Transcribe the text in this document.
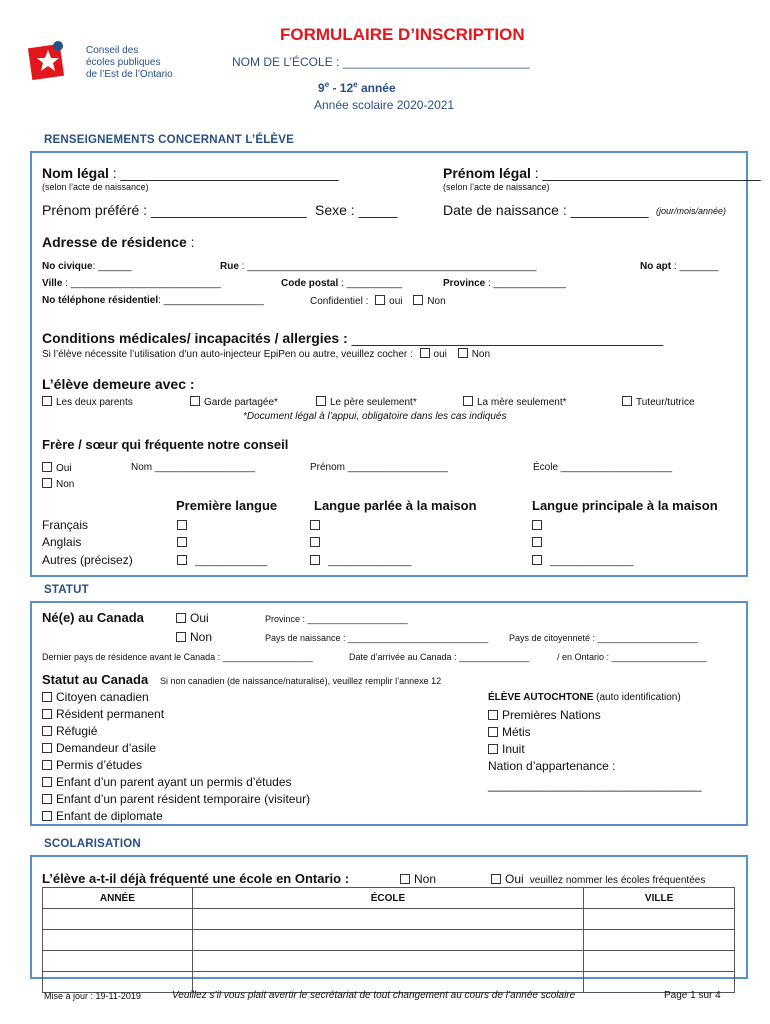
Conseil des
écoles publiques
de l’Est de l’Ontario
FORMULAIRE D’INSCRIPTION
NOM DE L’ÉCOLE : ____________________________
9e - 12e année
Année scolaire 2020-2021
RENSEIGNEMENTS CONCERNANT L’ÉLÈVE
Nom légal : ____________________________
(selon l’acte de naissance)
Prénom légal : ____________________________
(selon l’acte de naissance)
Prénom préféré : ____________________ Sexe : _____	Date de naissance : __________ (jour/mois/année)
Adresse de résidence :
No civique: ______	Rue : ____________________________________________________	No apt : _______
Ville : ___________________________	Code postal : __________	Province : _____________
No téléphone résidentiel: __________________	Confidentiel : oui Non
Conditions médicales/ incapacités / allergies : ________________________________________
Si l’élève nécessite l’utilisation d’un auto-injecteur EpiPen ou autre, veuillez cocher : oui Non
L’élève demeure avec :
Les deux parents	Garde partagée*	Le père seulement*	La mère seulement*	Tuteur/tutrice
*Document légal à l’appui, obligatoire dans les cas indiqués
Frère / sœur qui fréquente notre conseil
Oui
Non
Nom __________________	Prénom __________________	École ____________________
Première langue	Langue parlée à la maison	Langue principale à la maison
Français
Anglais
Autres (précisez)	_____________	_______________	_______________
STATUT
Né(e) au Canada	Oui
Non
Province : ____________________
Pays de naissance : ____________________________ Pays de citoyenneté : ____________________
Dernier pays de résidence avant le Canada : __________________	Date d’arrivée au Canada : ______________	/ en Ontario : ___________________
Statut au Canada Si non canadien (de naissance/naturalisé), veuillez remplir l’annexe 12
Citoyen canadien
Résident permanent
Réfugié
Demandeur d’asile
Permis d’études
Enfant d’un parent ayant un permis d’études
Enfant d’un parent résident temporaire (visiteur)
Enfant de diplomate
ÉLÈVE AUTOCHTONE (auto identification)
Premières Nations
Métis
Inuit
Nation d’appartenance :
________________________________
SCOLARISATION
L’élève a-t-il déjà fréquenté une école en Ontario :	Non	Oui veuillez nommer les écoles fréquentées
ANNÉE	ÉCOLE	VILLE

Mise à jour : 19-11-2019	Veuillez s’il vous plait avertir le secrétariat de tout changement au cours de l’année scolaire	Page 1 sur 4
